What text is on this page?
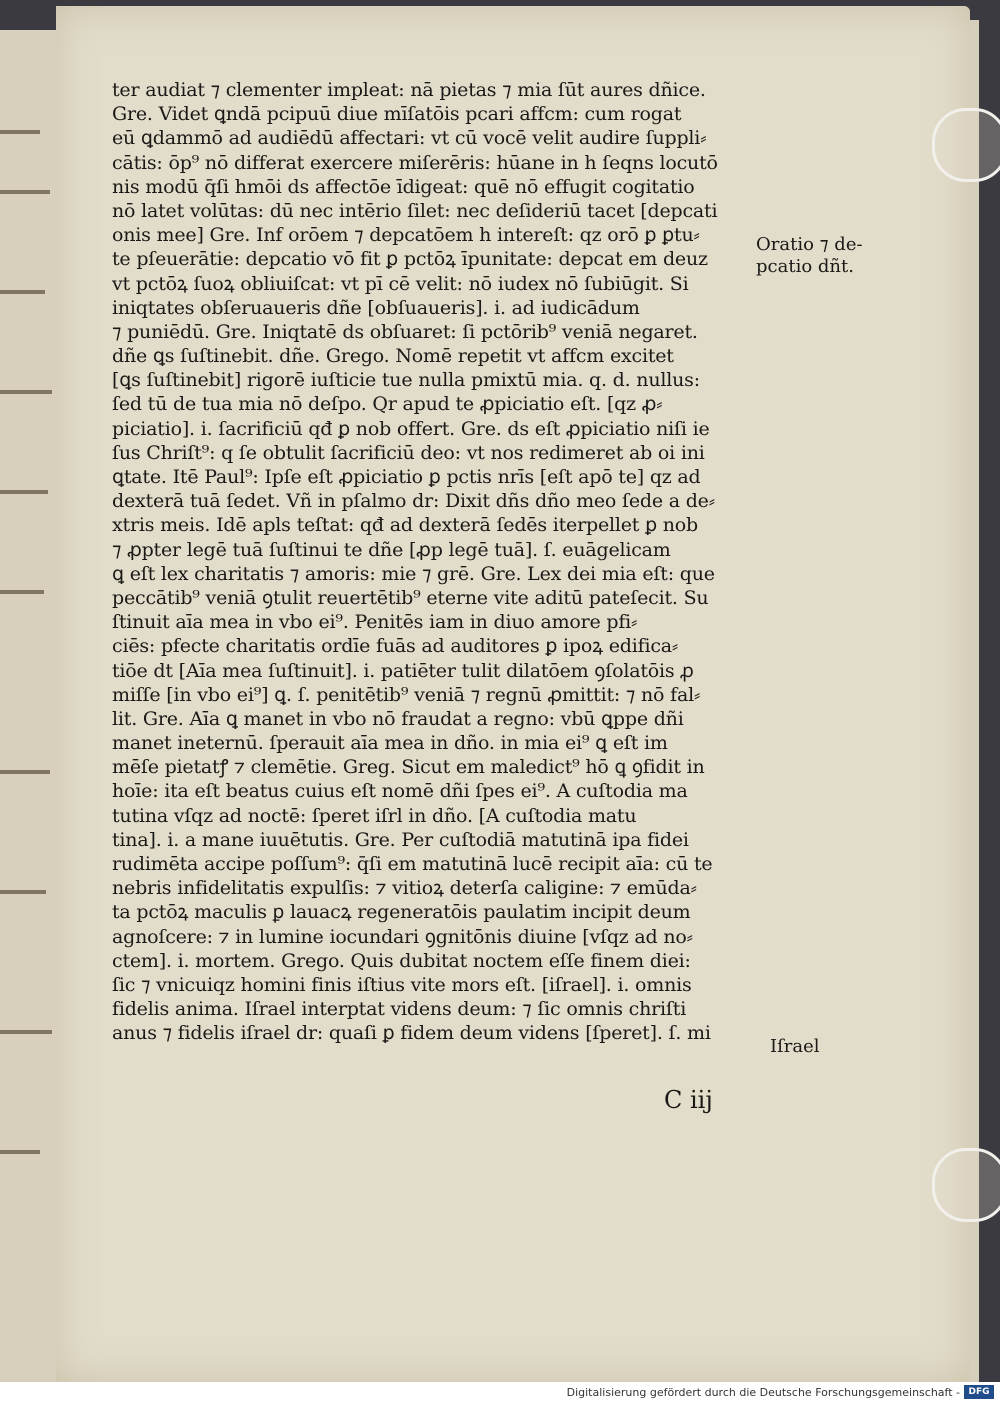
ter audiat ⁊ clementer impleat: nā pietas ⁊ mia ſūt aures dñice.
Gre. Videt ꝗndā pcipuū diue mīſatōis pcari affcm: cum rogat
eū ꝗdammō ad audiēdū affectari: vt cū vocē velit audire ſuppli⸗
cātis: ōp⁹ nō differat exercere miſerēris: hūane in h ſeqns locutō
nis modū q̄ſi hmōi ds affectōe īdigeat: quē nō effugit cogitatio
nō latet volūtas: dū nec intērio ſilet: nec deſideriū tacet [depcati
onis mee] Gre. Inf orōem ⁊ depcatōem h intereſt: qz orō ꝑ ꝑtu⸗
te pſeuerātie: depcatio vō fit ꝑ pctōꝝ īpunitate: depcat em deuz
vt pctōꝝ ſuoꝝ obliuiſcat: vt pī cē velit: nō iudex nō ſubiūgit. Si
iniqtates obſeruaueris dñe [obſuaueris]. i. ad iudicādum
⁊ puniēdū. Gre. Iniqtatē ds obſuaret: ſi pctōrib⁹ veniā negaret.
dñe ꝗs ſuſtinebit. dñe. Grego. Nomē repetit vt affcm excitet
[ꝗs ſuſtinebit] rigorē iuſticie tue nulla pmixtū mia. q. d. nullus:
ſed tū de tua mia nō deſpo. Qr apud te ꝓpiciatio eſt. [qz ꝓ⸗
piciatio]. i. ſacrificiū qđ ꝑ nob offert. Gre. ds eſt ꝓpiciatio niſi ie
ſus Chriſt⁹: q ſe obtulit ſacrificiū deo: vt nos redimeret ab oi ini
ꝗtate. Itē Paul⁹: Ipſe eſt ꝓpiciatio ꝑ pctis nrīs [eſt apō te] qz ad
dexterā tuā ſedet. Vñ in pſalmo dr: Dixit dñs dño meo ſede a de⸗
xtris meis. Idē apls teſtat: qđ ad dexterā ſedēs iterpellet ꝑ nob
⁊ ꝓpter legē tuā ſuſtinui te dñe [ꝓp legē tuā]. ſ. euāgelicam
ꝗ eſt lex charitatis ⁊ amoris: mie ⁊ grē. Gre. Lex dei mia eſt: que
peccātib⁹ veniā ꝯtulit reuertētib⁹ eterne vite aditū pateſecit. Su
ſtinuit aīa mea in vbo ei⁹. Penitēs iam in diuo amore pfi⸗
ciēs: pfecte charitatis ordīe fuās ad auditores ꝑ ipoꝝ edifica⸗
tiōe dt [Aīa mea ſuſtinuit]. i. patiēter tulit dilatōem ꝯſolatōis ꝓ
miſſe [in vbo ei⁹] ꝗ. ſ. penitētib⁹ veniā ⁊ regnū ꝓmittit: ⁊ nō fal⸗
lit. Gre. Aīa ꝗ manet in vbo nō fraudat a regno: vbū ꝗppe dñi
manet ineternū. ſperauit aīa mea in dño. in mia ei⁹ ꝗ eſt im
mēſe pietatꝭ ⁊ clemētie. Greg. Sicut em maledict⁹ hō ꝗ ꝯfidit in
hoīe: ita eſt beatus cuius eſt nomē dñi ſpes ei⁹. A cuſtodia ma
tutina vſqz ad noctē: ſperet iſrl in dño. [A cuſtodia matu
tina]. i. a mane iuuētutis. Gre. Per cuſtodiā matutinā ipa fidei
rudimēta accipe poſſum⁹: q̄ſi em matutinā lucē recipit aīa: cū te
nebris infidelitatis expulſis: ⁊ vitioꝝ deterſa caligine: ⁊ emūda⸗
ta pctōꝝ maculis ꝑ lauacꝝ regeneratōis paulatim incipit deum
agnoſcere: ⁊ in lumine iocundari ꝯgnitōnis diuine [vſqz ad no⸗
ctem]. i. mortem. Grego. Quis dubitat noctem eſſe finem diei:
ſic ⁊ vnicuiqz homini finis iſtius vite mors eſt. [iſrael]. i. omnis
fidelis anima. Iſrael interptat videns deum: ⁊ ſic omnis chriſti
anus ⁊ fidelis iſrael dr: quaſi ꝑ fidem deum videns [ſperet]. ſ. mi
Oratio ⁊ de-
pcatio dñt.
Iſrael
C iij
Digitalisierung gefördert durch die Deutsche Forschungsgemeinschaft - DFG
